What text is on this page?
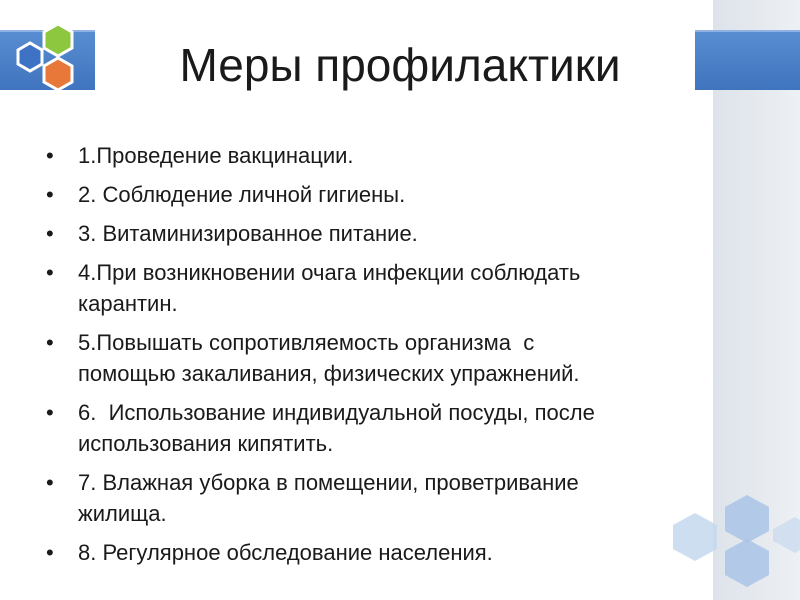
Меры профилактики
• 1.Проведение вакцинации.
• 2. Соблюдение личной гигиены.
• 3. Витаминизированное питание.
• 4.При возникновении очага инфекции соблюдать
карантин.
• 5.Повышать сопротивляемость организма  с
помощью закаливания, физических упражнений.
• 6.  Использование индивидуальной посуды, после
использования кипятить.
• 7. Влажная уборка в помещении, проветривание
жилища.
• 8. Регулярное обследование населения.
